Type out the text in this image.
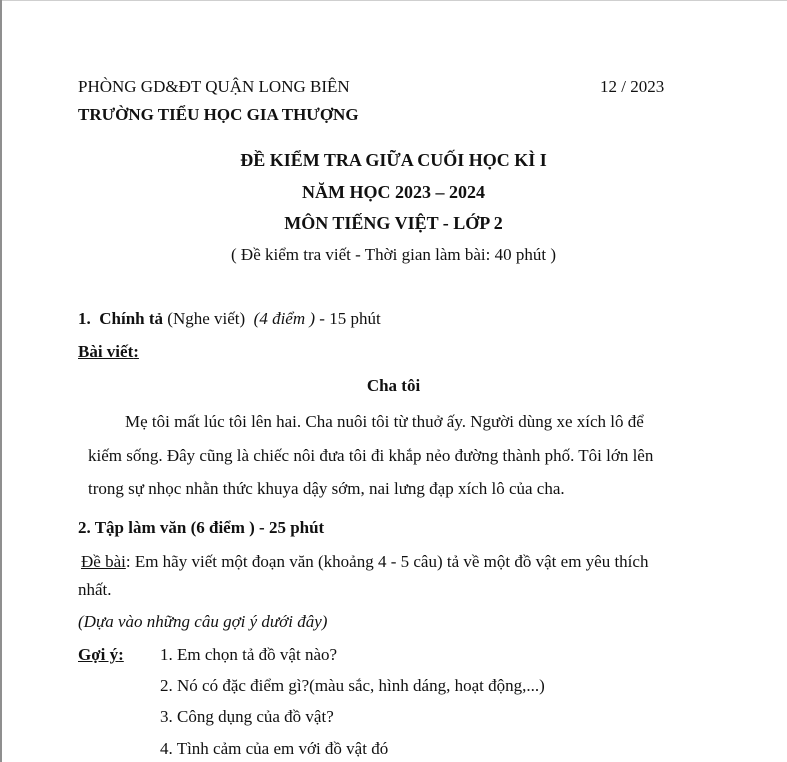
PHÒNG GD&ĐT QUẬN LONG BIÊN	12 / 2023
TRƯỜNG TIỂU HỌC GIA THƯỢNG
ĐỀ KIỂM TRA GIỮA CUỐI HỌC KÌ I
NĂM HỌC 2023 – 2024
MÔN TIẾNG VIỆT - LỚP 2
( Đề kiểm tra viết - Thời gian làm bài: 40 phút )
1. Chính tả (Nghe viết) (4 điểm ) - 15 phút
Bài viết:
Cha tôi
Mẹ tôi mất lúc tôi lên hai. Cha nuôi tôi từ thuở ấy. Người dùng xe xích lô để
kiếm sống. Đây cũng là chiếc nôi đưa tôi đi khắp nẻo đường thành phố. Tôi lớn lên
trong sự nhọc nhằn thức khuya dậy sớm, nai lưng đạp xích lô của cha.
2. Tập làm văn (6 điểm ) - 25 phút
Đề bài: Em hãy viết một đoạn văn (khoảng 4 - 5 câu) tả về một đồ vật em yêu thích
nhất.
(Dựa vào những câu gợi ý dưới đây)
Gợi ý: 1. Em chọn tả đồ vật nào?
2. Nó có đặc điểm gì?(màu sắc, hình dáng, hoạt động,...)
3. Công dụng của đồ vật?
4. Tình cảm của em với đồ vật đó
